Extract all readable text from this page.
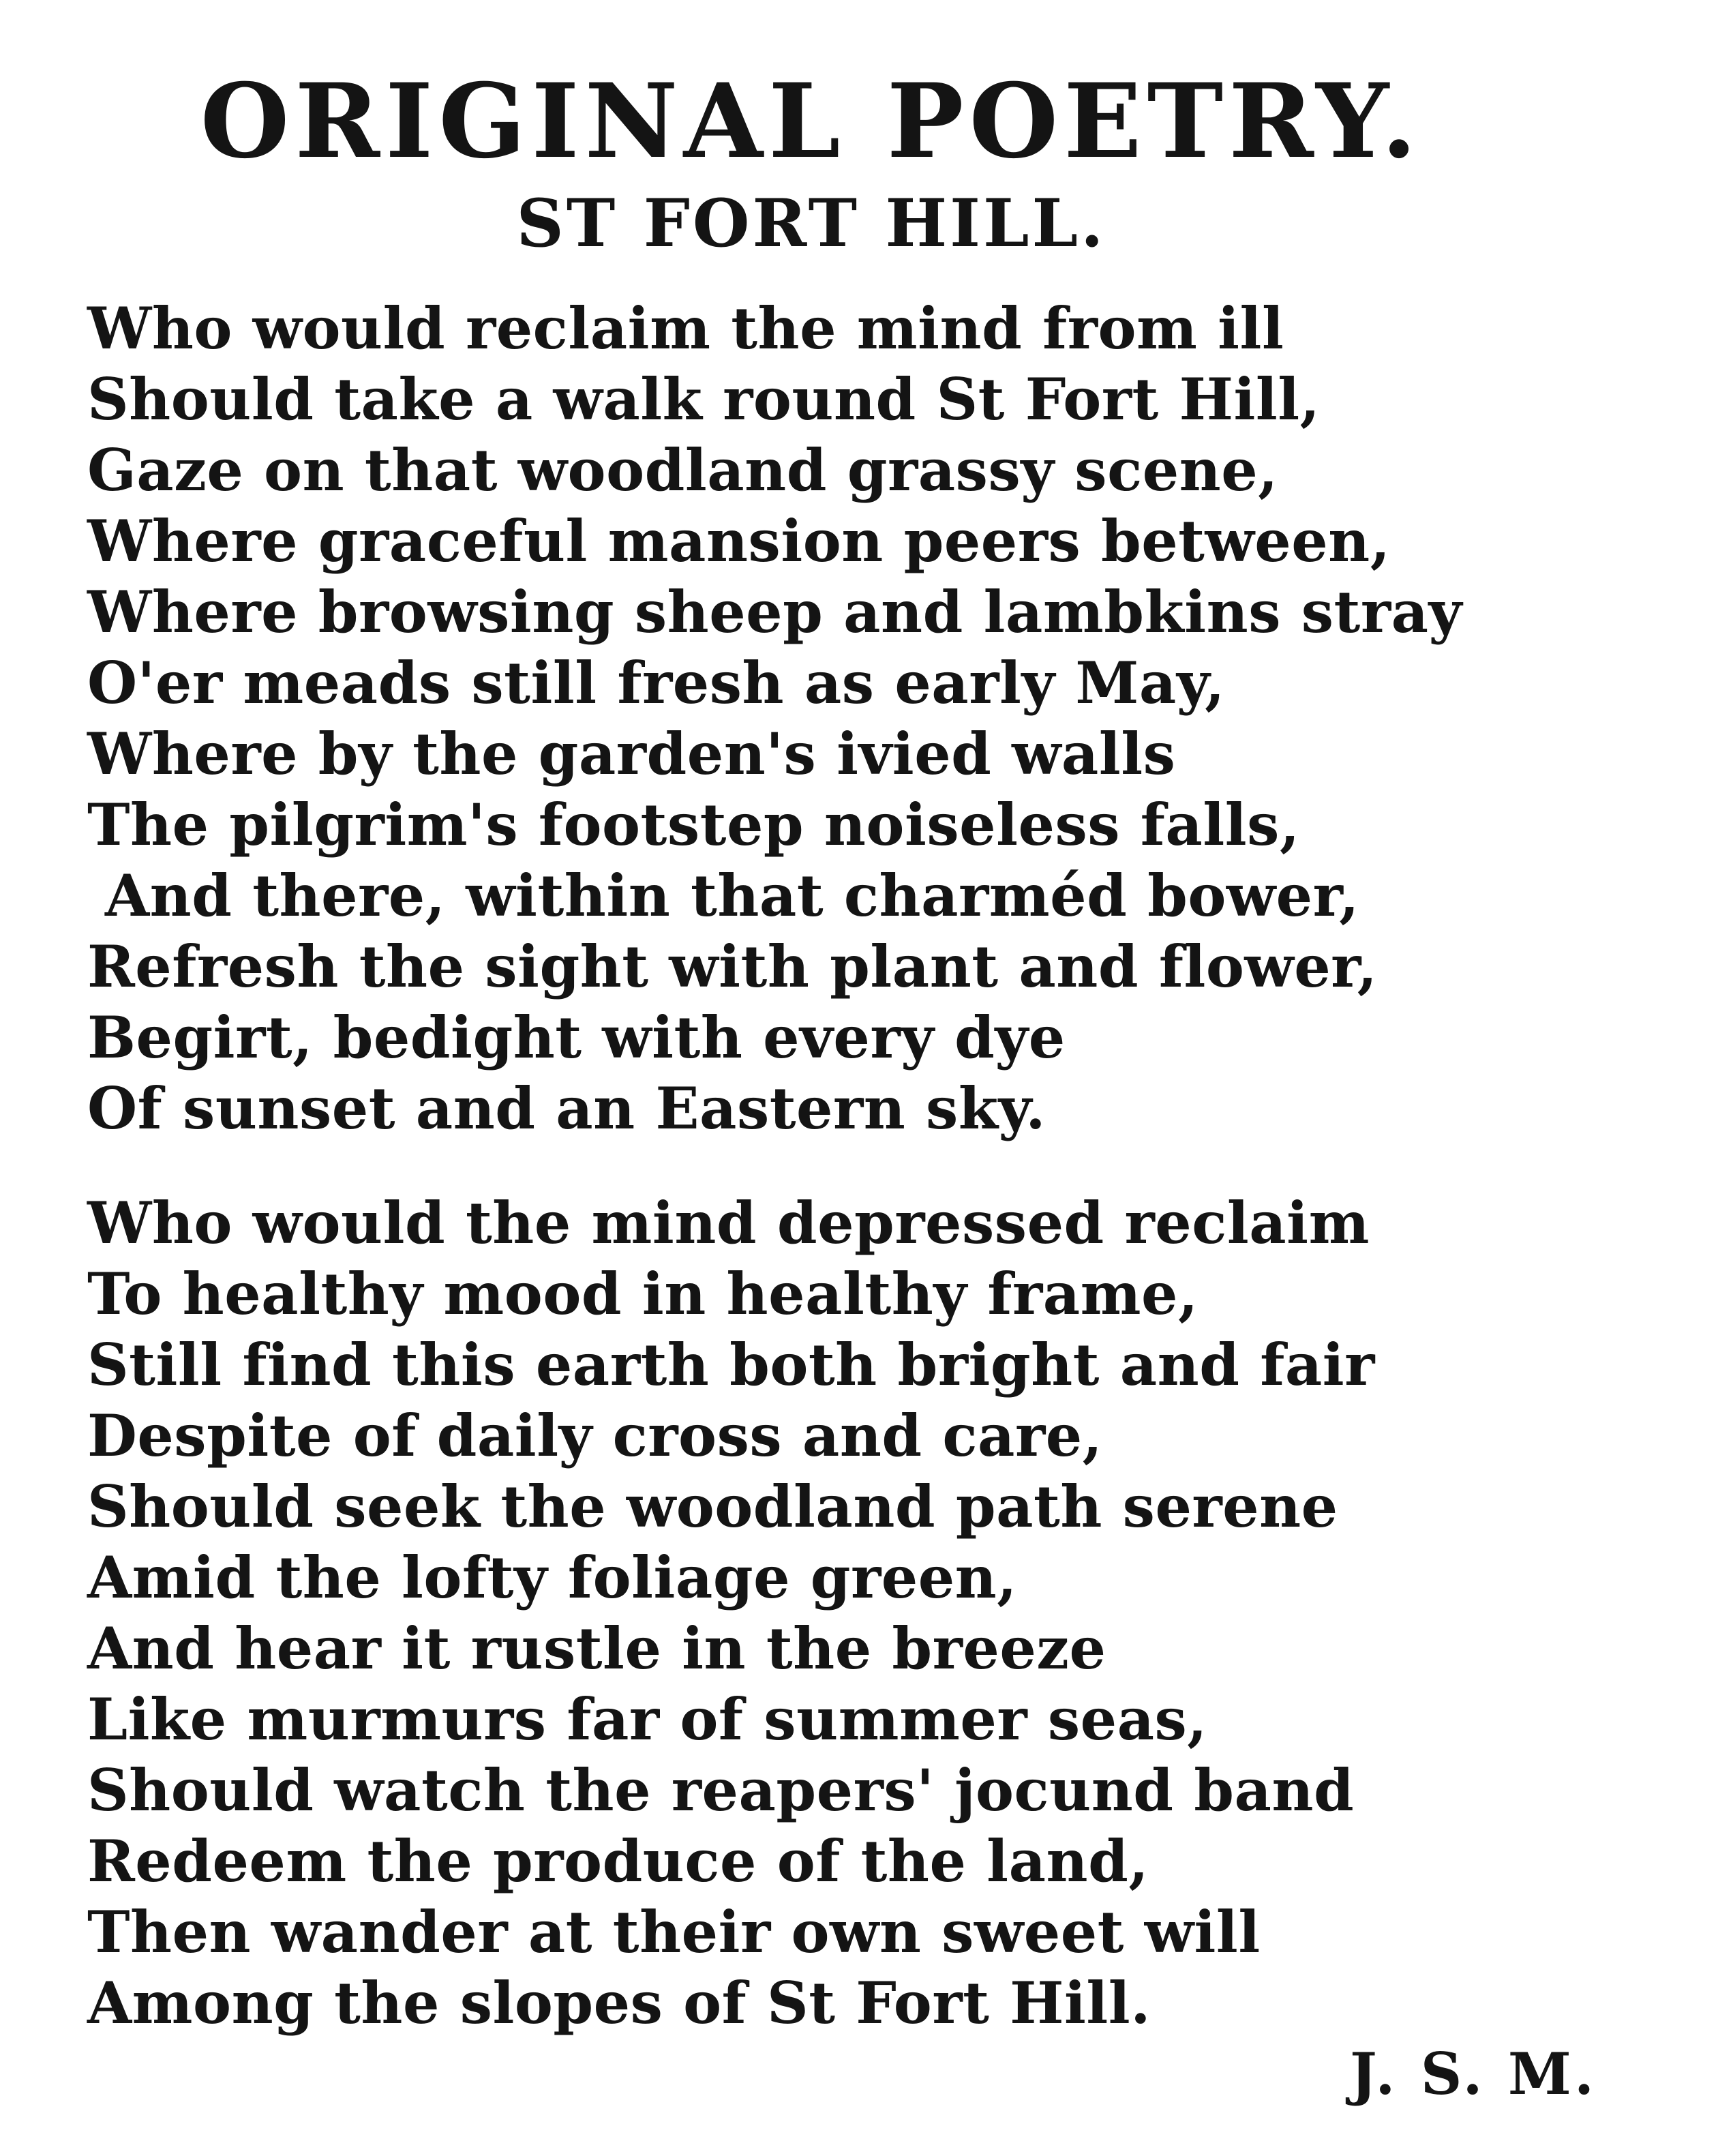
ORIGINAL POETRY.
ST FORT HILL.
Who would reclaim the mind from ill
Should take a walk round St Fort Hill,
Gaze on that woodland grassy scene,
Where graceful mansion peers between,
Where browsing sheep and lambkins stray
O'er meads still fresh as early May,
Where by the garden's ivied walls
The pilgrim's footstep noiseless falls,
And there, within that charméd bower,
Refresh the sight with plant and flower,
Begirt, bedight with every dye
Of sunset and an Eastern sky.
Who would the mind depressed reclaim
To healthy mood in healthy frame,
Still find this earth both bright and fair
Despite of daily cross and care,
Should seek the woodland path serene
Amid the lofty foliage green,
And hear it rustle in the breeze
Like murmurs far of summer seas,
Should watch the reapers' jocund band
Redeem the produce of the land,
Then wander at their own sweet will
Among the slopes of St Fort Hill.
J. S. M.
